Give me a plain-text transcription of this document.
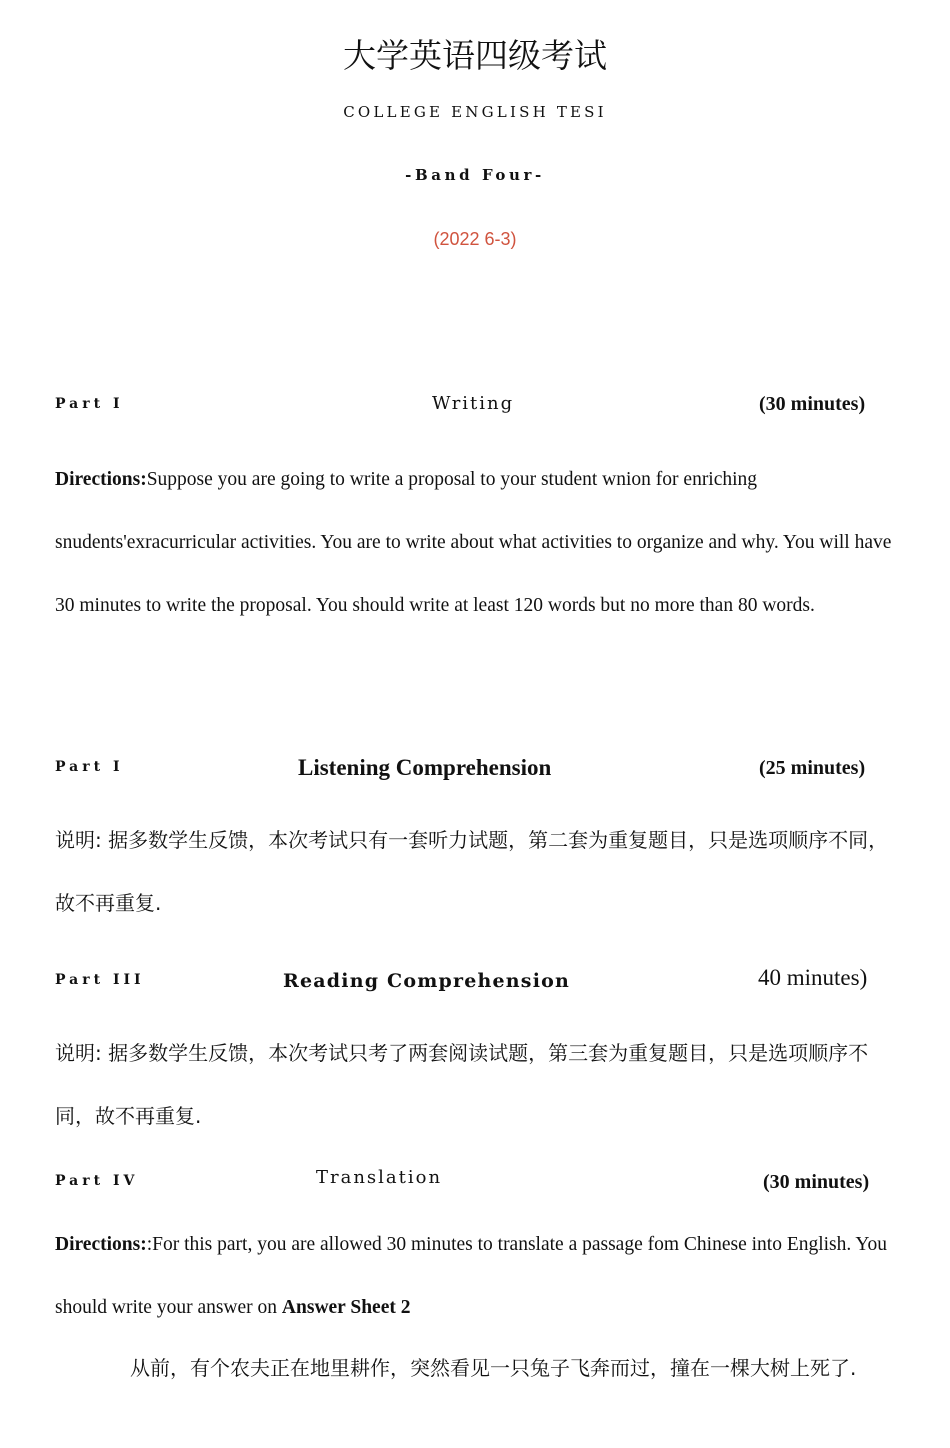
大学英语四级考试
COLLEGE ENGLISH TESI
-Band Four-
(2022 6-3)
Part I	Writing	(30 minutes)

Directions:Suppose you are going to write a proposal to your student wnion for enriching snudents'exracurricular activities. You are to write about what activities to organize and why. You will have 30 minutes to write the proposal. You should write at least 120 words but no more than 80 words.

Part I	Listening Comprehension	(25 minutes)

说明: 据多数学生反馈，本次考试只有一套听力试题，第二套为重复题目，只是选项顺序不同，故不再重复.

Part III	Reading Comprehension	40 minutes)

说明: 据多数学生反馈，本次考试只考了两套阅读试题，第三套为重复题目，只是选项顺序不同，故不再重复.

Part IV	Translation	(30 minutes)

Directions::For this part, you are allowed 30 minutes to translate a passage fom Chinese into English. You should write your answer on Answer Sheet 2

从前，有个农夫正在地里耕作，突然看见一只兔子飞奔而过，撞在一棵大树上死了.
